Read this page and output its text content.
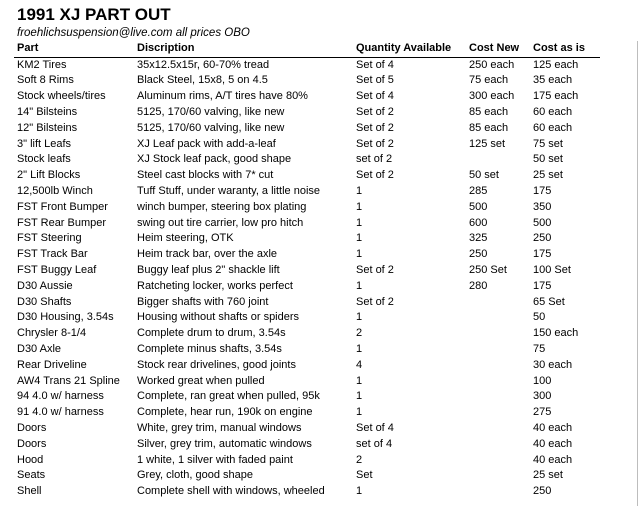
1991 XJ PART OUT
froehlichsuspension@live.com all prices OBO
Part	Discription	Quantity Available	Cost New	Cost as is
KM2 Tires	35x12.5x15r, 60-70% tread	Set of 4	250 each	125 each
Soft 8 Rims	Black Steel, 15x8, 5 on 4.5	Set of 5	75 each	35 each
Stock wheels/tires	Aluminum rims, A/T tires have 80%	Set of 4	300 each	175 each
14" Bilsteins	5125, 170/60 valving, like new	Set of 2	85 each	60 each
12" Bilsteins	5125, 170/60 valving, like new	Set of 2	85 each	60 each
3" lift Leafs	XJ Leaf pack with add-a-leaf	Set of 2	125 set	75 set
Stock leafs	XJ Stock leaf pack, good shape	set of 2		50 set
2" Lift Blocks	Steel cast blocks with 7* cut	Set of 2	50 set	25 set
12,500lb Winch	Tuff Stuff, under waranty, a little noise	1	285	175
FST Front Bumper	winch bumper, steering box plating	1	500	350
FST Rear Bumper	swing out tire carrier, low pro hitch	1	600	500
FST Steering	Heim steering, OTK	1	325	250
FST Track Bar	Heim track bar, over the axle	1	250	175
FST Buggy Leaf	Buggy leaf plus 2" shackle lift	Set of 2	250 Set	100 Set
D30 Aussie	Ratcheting locker, works perfect	1	280	175
D30 Shafts	Bigger shafts with 760 joint	Set of 2		65 Set
D30 Housing, 3.54s	Housing without shafts or spiders	1		50
Chrysler 8-1/4	Complete drum to drum, 3.54s	2		150 each
D30 Axle	Complete minus shafts, 3.54s	1		75
Rear Driveline	Stock rear drivelines, good joints	4		30 each
AW4 Trans 21 Spline	Worked great when pulled	1		100
94 4.0 w/ harness	Complete, ran great when pulled, 95k	1		300
91 4.0 w/ harness	Complete, hear run, 190k on engine	1		275
Doors	White, grey trim, manual windows	Set of 4		40 each
Doors	Silver, grey trim, automatic windows	set of 4		40 each
Hood	1 white, 1 silver with faded paint	2		40 each
Seats	Grey, cloth, good shape	Set		25 set
Shell	Complete shell with windows, wheeled	1		250
